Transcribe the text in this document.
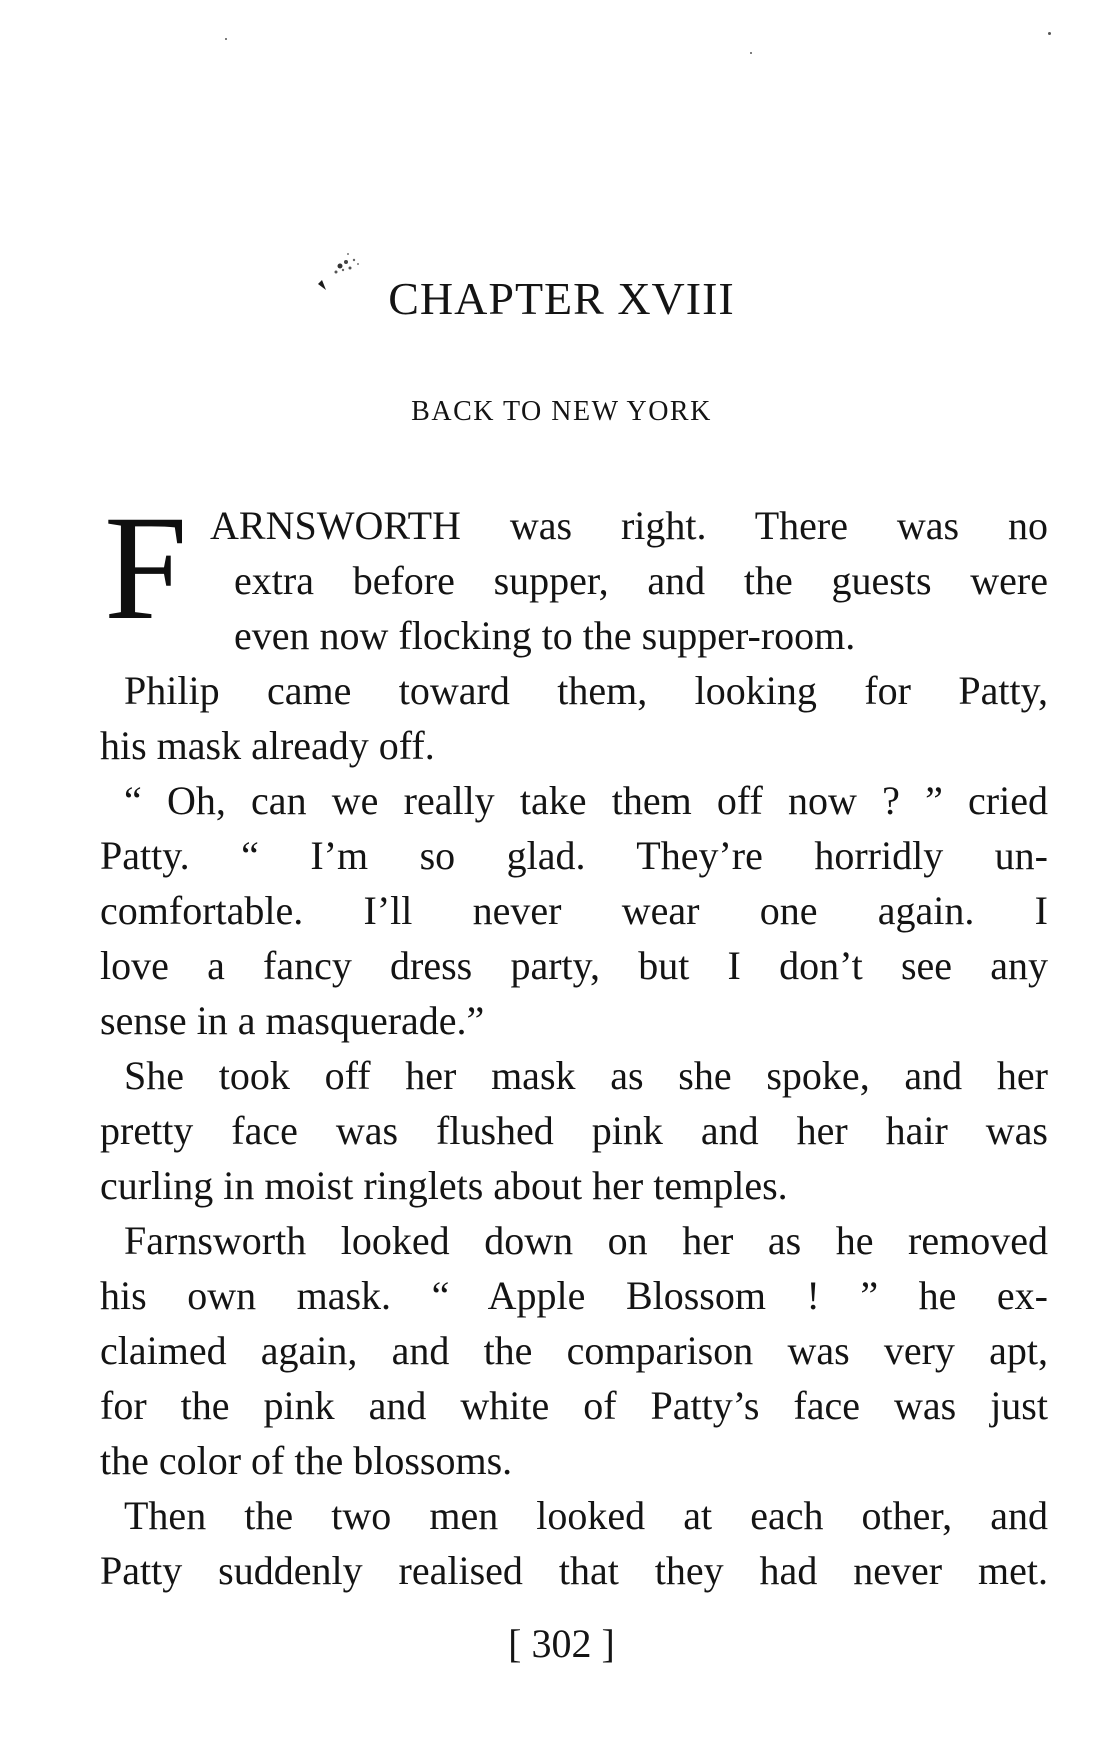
CHAPTER XVIII
BACK TO NEW YORK
F ARNSWORTH was right. There was no
extra before supper, and the guests were
even now flocking to the supper-room.
Philip came toward them, looking for Patty,
his mask already off.
“ Oh, can we really take them off now ? ” cried
Patty. “ I’m so glad. They’re horridly un-
comfortable. I’ll never wear one again. I
love a fancy dress party, but I don’t see any
sense in a masquerade.”
She took off her mask as she spoke, and her
pretty face was flushed pink and her hair was
curling in moist ringlets about her temples.
Farnsworth looked down on her as he removed
his own mask. “ Apple Blossom ! ” he ex-
claimed again, and the comparison was very apt,
for the pink and white of Patty’s face was just
the color of the blossoms.
Then the two men looked at each other, and
Patty suddenly realised that they had never met.
[ 302 ]
